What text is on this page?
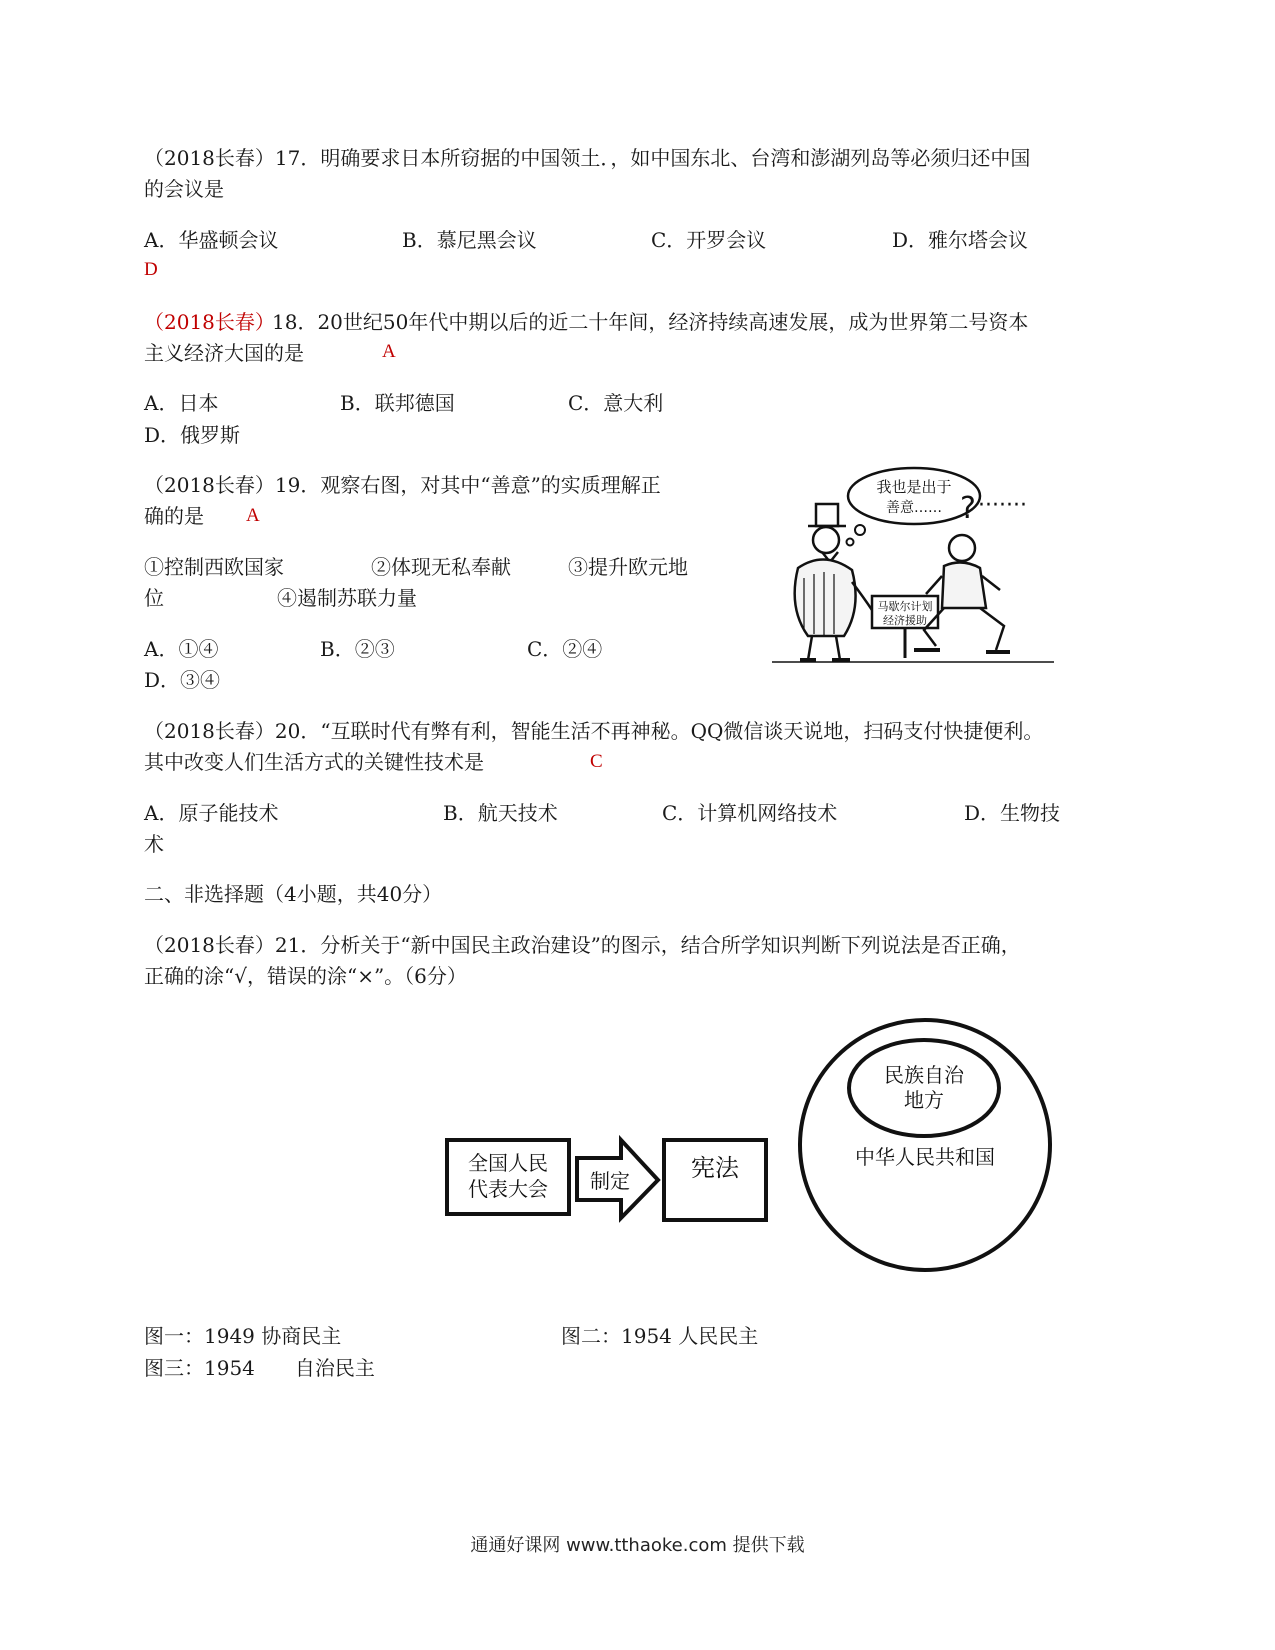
（2018长春）17．明确要求日本所窃据的中国领土．，如中国东北、台湾和澎湖列岛等必须归还中国
的会议是
A．华盛顿会议	B．慕尼黑会议	C．开罗会议	D．雅尔塔会议
D
（2018长春）
18．20世纪50年代中期以后的近二十年间，经济持续高速发展，成为世界第二号资本
主义经济大国的是	A
A．日本	B．联邦德国	C．意大利
D．俄罗斯
（2018长春）19．观察右图，对其中“善意”的实质理解正
确的是 A
①控制西欧国家	②体现无私奉献	③提升欧元地
位	④遏制苏联力量
A．①④	B．②③	C．②④
D．③④
我也是出于
善意……
马歇尔计划
经济援助
? ·······
（2018长春）20．“互联时代有弊有利，智能生活不再神秘。QQ微信谈天说地，扫码支付快捷便利。
其中改变人们生活方式的关键性技术是	C
A．原子能技术	B．航天技术	C．计算机网络技术	D．生物技
术
二、非选择题（4小题，共40分）
（2018长春）21．分析关于“新中国民主政治建设”的图示，结合所学知识判断下列说法是否正确，
正确的涂“√，错误的涂“×”。（6分）
全国人民
代表大会 制定	宪法
民族自治
地方
中华人民共和国
图一：1949 协商民主	图二：1954 人民民主
图三：1954　　自治民主
通通好课网 www.tthaoke.com 提供下载
